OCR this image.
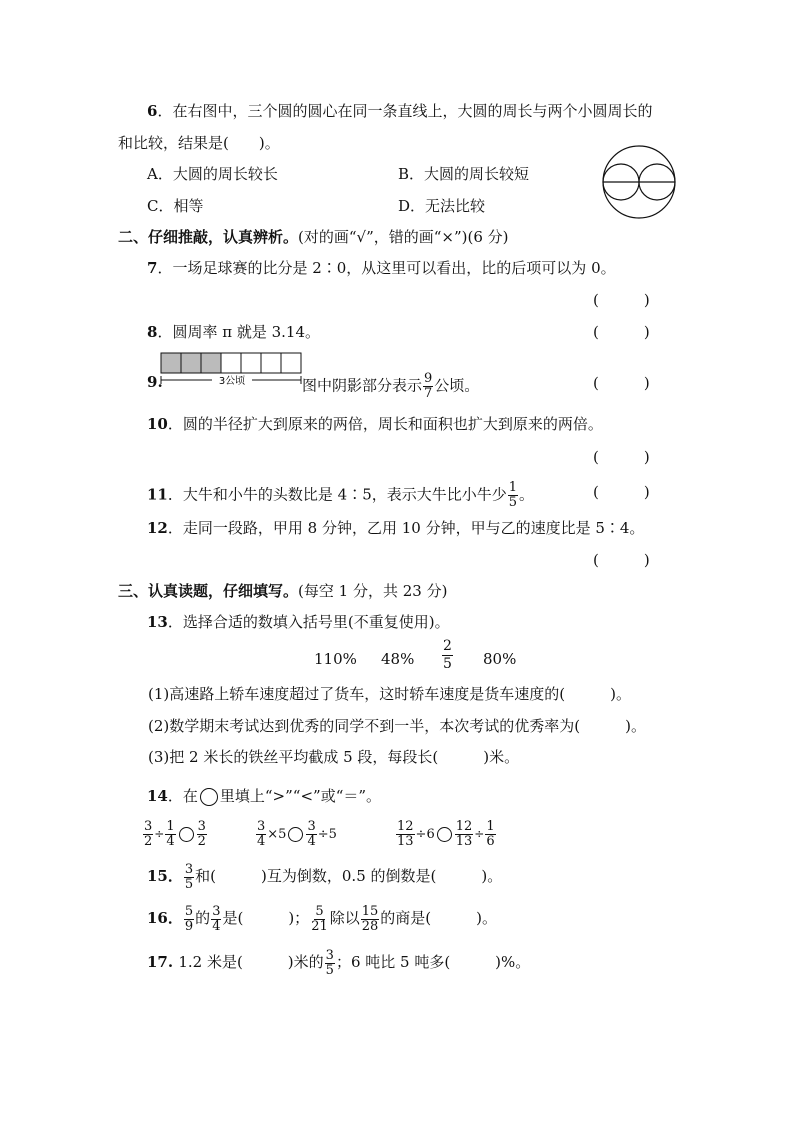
6．在右图中，三个圆的圆心在同一条直线上，大圆的周长与两个小圆周长的
和比较，结果是(　　)。
A．大圆的周长较长	B．大圆的周长较短
C．相等	D．无法比较
二、仔细推敲，认真辨析。(对的画“√”，错的画“×”)(6 分)
7．一场足球赛的比分是 2∶0，从这里可以看出，比的后项可以为 0。
(　　　)
8．圆周率 π 就是 3.14。	(　　　)
9.	3公顷	图中阴影部分表示 $\frac{9}{7}$ 公顷。	(　　　)
10．圆的半径扩大到原来的两倍，周长和面积也扩大到原来的两倍。
(　　　)
11．大牛和小牛的头数比是 4∶5，表示大牛比小牛少 $\frac{1}{5}$ 。	(　　　)
12．走同一段路，甲用 8 分钟，乙用 10 分钟，甲与乙的速度比是 5∶4。
(　　　)
三、认真读题，仔细填写。(每空 1 分，共 23 分)
13．选择合适的数填入括号里(不重复使用)。
110% $48\% \frac{2}{5} 80\%$
(1)高速路上轿车速度超过了货车，这时轿车速度是货车速度的(　　　)。
(2)数学期末考试达到优秀的同学不到一半，本次考试的优秀率为(　　　)。
(3)把 2 米长的铁丝平均截成 5 段，每段长(　　　)米。
14．在 里填上“>”“<”或“＝”。
$\frac{3}{2} \div \frac{1}{4} \frac{3}{2}$	$\frac{3}{4} \times 5 \frac{3}{4} \div 5$	$\frac{12}{13} \div 6 \frac{12}{13} \div \frac{1}{6}$
15． $\frac{3}{5}$ 和(　　　)互为倒数，0.5 的倒数是(　　　)。
16． $\frac{5}{9}$ 的 $\frac{3}{4}$ 是(　　　)； $\frac{5}{21}$ 除以 $\frac{15}{28}$ 的商是(　　　)。
17. 1.2 米是(　　　)米的 $\frac{3}{5}$ ；6 吨比 5 吨多(　　　)%。
